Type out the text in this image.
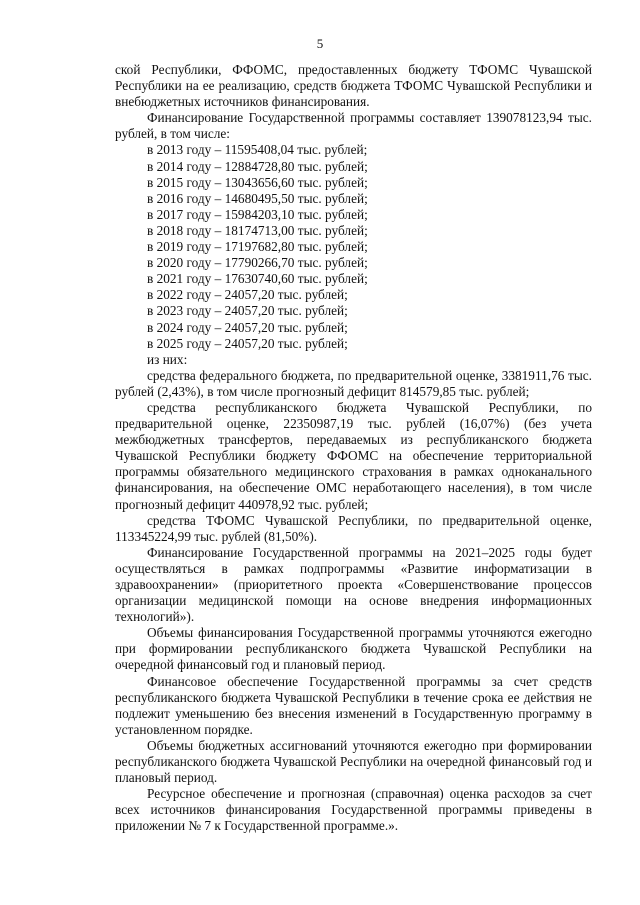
5

ской Республики, ФФОМС, предоставленных бюджету ТФОМС Чувашской Республики на ее реализацию, средств бюджета ТФОМС Чувашской Республики и внебюджетных источников финансирования.

Финансирование Государственной программы составляет 139078123,94 тыс. рублей, в том числе:

в 2013 году – 11595408,04 тыс. рублей;

в 2014 году – 12884728,80 тыс. рублей;

в 2015 году – 13043656,60 тыс. рублей;

в 2016 году – 14680495,50 тыс. рублей;

в 2017 году – 15984203,10 тыс. рублей;

в 2018 году – 18174713,00 тыс. рублей;

в 2019 году – 17197682,80 тыс. рублей;

в 2020 году – 17790266,70 тыс. рублей;

в 2021 году – 17630740,60 тыс. рублей;

в 2022 году – 24057,20 тыс. рублей;

в 2023 году – 24057,20 тыс. рублей;

в 2024 году – 24057,20 тыс. рублей;

в 2025 году – 24057,20 тыс. рублей;

из них:

средства федерального бюджета, по предварительной оценке, 3381911,76 тыс. рублей (2,43%), в том числе прогнозный дефицит 814579,85 тыс. рублей;

средства республиканского бюджета Чувашской Республики, по предварительной оценке, 22350987,19 тыс. рублей (16,07%) (без учета межбюджетных трансфертов, передаваемых из республиканского бюджета Чувашской Республики бюджету ФФОМС на обеспечение территориальной программы обязательного медицинского страхования в рамках одноканального финансирования, на обеспечение ОМС неработающего населения), в том числе прогнозный дефицит 440978,92 тыс. рублей;

средства ТФОМС Чувашской Республики, по предварительной оценке, 113345224,99 тыс. рублей (81,50%).

Финансирование Государственной программы на 2021–2025 годы будет осуществляться в рамках подпрограммы «Развитие информатизации в здравоохранении» (приоритетного проекта «Совершенствование процессов организации медицинской помощи на основе внедрения информационных технологий»).

Объемы финансирования Государственной программы уточняются ежегодно при формировании республиканского бюджета Чувашской Республики на очередной финансовый год и плановый период.

Финансовое обеспечение Государственной программы за счет средств республиканского бюджета Чувашской Республики в течение срока ее действия не подлежит уменьшению без внесения изменений в Государственную программу в установленном порядке.

Объемы бюджетных ассигнований уточняются ежегодно при формировании республиканского бюджета Чувашской Республики на очередной финансовый год и плановый период.

Ресурсное обеспечение и прогнозная (справочная) оценка расходов за счет всех источников финансирования Государственной программы приведены в приложении № 7 к Государственной программе.».
